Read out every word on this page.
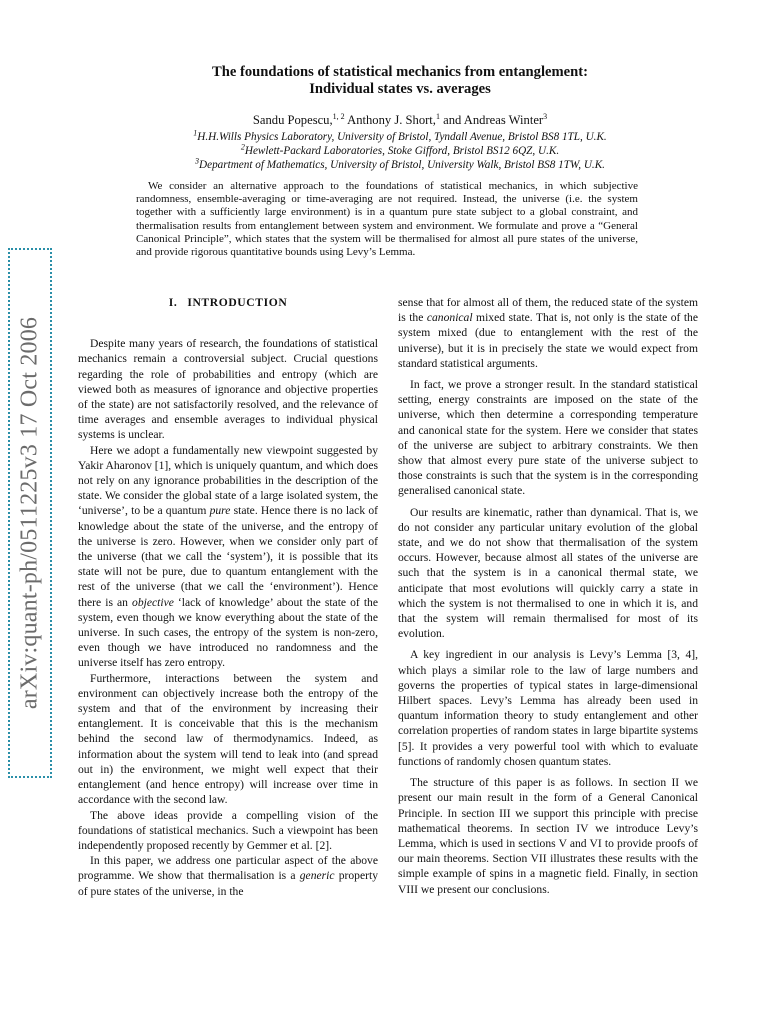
arXiv:quant-ph/0511225v3 17 Oct 2006
The foundations of statistical mechanics from entanglement:
Individual states vs. averages
Sandu Popescu,$^{1, 2}$ Anthony J. Short,$^1$ and Andreas Winter$^3$
$^1$H.H.Wills Physics Laboratory, University of Bristol, Tyndall Avenue, Bristol BS8 1TL, U.K.
$^2$Hewlett-Packard Laboratories, Stoke Gifford, Bristol BS12 6QZ, U.K.
$^3$Department of Mathematics, University of Bristol, University Walk, Bristol BS8 1TW, U.K.

We consider an alternative approach to the foundations of statistical mechanics, in which subjective randomness, ensemble-averaging or time-averaging are not required. Instead, the universe (i.e. the system together with a sufficiently large environment) is in a quantum pure state subject to a global constraint, and thermalisation results from entanglement between system and environment. We formulate and prove a “General Canonical Principle”, which states that the system will be thermalised for almost all pure states of the universe, and provide rigorous quantitative bounds using Levy’s Lemma.

I. INTRODUCTION

Despite many years of research, the foundations of statistical mechanics remain a controversial subject. Crucial questions regarding the role of probabilities and entropy (which are viewed both as measures of ignorance and objective properties of the state) are not satisfactorily resolved, and the relevance of time averages and ensemble averages to individual physical systems is unclear.

Here we adopt a fundamentally new viewpoint suggested by Yakir Aharonov [1], which is uniquely quantum, and which does not rely on any ignorance probabilities in the description of the state. We consider the global state of a large isolated system, the ‘universe’, to be a quantum pure state. Hence there is no lack of knowledge about the state of the universe, and the entropy of the universe is zero. However, when we consider only part of the universe (that we call the ‘system’), it is possible that its state will not be pure, due to quantum entanglement with the rest of the universe (that we call the ‘environment’). Hence there is an objective ‘lack of knowledge’ about the state of the system, even though we know everything about the state of the universe. In such cases, the entropy of the system is non-zero, even though we have introduced no randomness and the universe itself has zero entropy.

Furthermore, interactions between the system and environment can objectively increase both the entropy of the system and that of the environment by increasing their entanglement. It is conceivable that this is the mechanism behind the second law of thermodynamics. Indeed, as information about the system will tend to leak into (and spread out in) the environment, we might well expect that their entanglement (and hence entropy) will increase over time in accordance with the second law.

The above ideas provide a compelling vision of the foundations of statistical mechanics. Such a viewpoint has been independently proposed recently by Gemmer et al. [2].

In this paper, we address one particular aspect of the above programme. We show that thermalisation is a generic property of pure states of the universe, in the

sense that for almost all of them, the reduced state of the system is the canonical mixed state. That is, not only is the state of the system mixed (due to entanglement with the rest of the universe), but it is in precisely the state we would expect from standard statistical arguments.

In fact, we prove a stronger result. In the standard statistical setting, energy constraints are imposed on the state of the universe, which then determine a corresponding temperature and canonical state for the system. Here we consider that states of the universe are subject to arbitrary constraints. We then show that almost every pure state of the universe subject to those constraints is such that the system is in the corresponding generalised canonical state.

Our results are kinematic, rather than dynamical. That is, we do not consider any particular unitary evolution of the global state, and we do not show that thermalisation of the system occurs. However, because almost all states of the universe are such that the system is in a canonical thermal state, we anticipate that most evolutions will quickly carry a state in which the system is not thermalised to one in which it is, and that the system will remain thermalised for most of its evolution.

A key ingredient in our analysis is Levy’s Lemma [3, 4], which plays a similar role to the law of large numbers and governs the properties of typical states in large-dimensional Hilbert spaces. Levy’s Lemma has already been used in quantum information theory to study entanglement and other correlation properties of random states in large bipartite systems [5]. It provides a very powerful tool with which to evaluate functions of randomly chosen quantum states.

The structure of this paper is as follows. In section II we present our main result in the form of a General Canonical Principle. In section III we support this principle with precise mathematical theorems. In section IV we introduce Levy’s Lemma, which is used in sections V and VI to provide proofs of our main theorems. Section VII illustrates these results with the simple example of spins in a magnetic field. Finally, in section VIII we present our conclusions.
